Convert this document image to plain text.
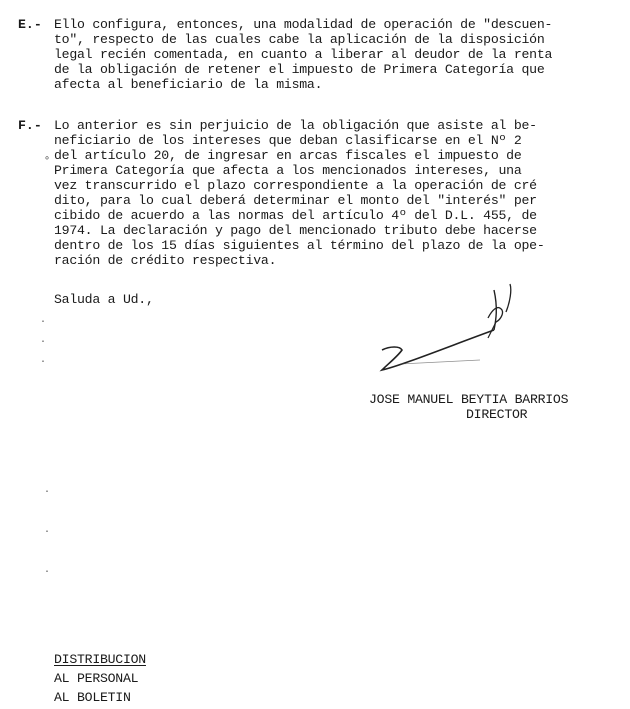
E.- Ello configura, entonces, una modalidad de operación de "descuen-
to", respecto de las cuales cabe la aplicación de la disposición
legal recién comentada, en cuanto a liberar al deudor de la renta
de la obligación de retener el impuesto de Primera Categoría que
afecta al beneficiario de la misma.
F.- Lo anterior es sin perjuicio de la obligación que asiste al be-
neficiario de los intereses que deban clasificarse en el Nº 2
del artículo 20, de ingresar en arcas fiscales el impuesto de
Primera Categoría que afecta a los mencionados intereses, una
vez transcurrido el plazo correspondiente a la operación de cré
dito, para lo cual deberá determinar el monto del "interés" per
cibido de acuerdo a las normas del artículo 4º del D.L. 455, de
1974. La declaración y pago del mencionado tributo debe hacerse
dentro de los 15 días siguientes al término del plazo de la ope-
ración de crédito respectiva.
Saluda a Ud.,
JOSE MANUEL BEYTIA BARRIOS
DIRECTOR
∘
·
·
·
·
·
·
DISTRIBUCION
AL PERSONAL
AL BOLETIN
